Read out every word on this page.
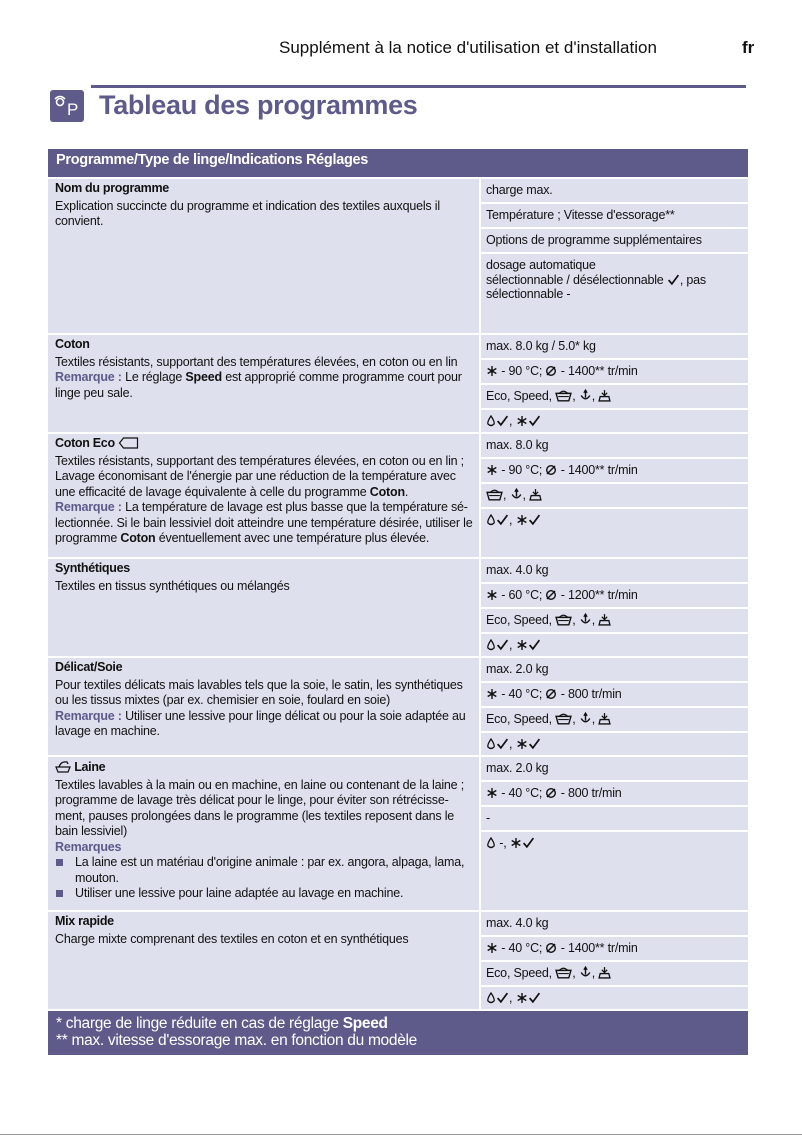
Supplément à la notice d'utilisation et d'installation	fr
P Tableau des programmes
Programme/Type de linge/Indications Réglages
Nom du programme
Explication succincte du programme et indication des textiles auxquels il convient.
charge max.
Température ; Vitesse d'essorage**
Options de programme supplémentaires
dosage automatique
sélectionnable / désélectionnable , pas
sélectionnable -
Coton
Textiles résistants, supportant des températures élevées, en coton ou en lin
Remarque : Le réglage Speed est approprié comme programme court pour linge peu sale.
max. 8.0 kg / 5.0* kg
- 90 °C;  - 1400** tr/min
Eco, Speed, , ,
,
Coton Eco
Textiles résistants, supportant des températures élevées, en coton ou en lin ; Lavage économisant de l'énergie par une réduction de la température avec une efficacité de lavage équivalente à celle du programme Coton.
Remarque : La température de lavage est plus basse que la température sélectionnée. Si le bain lessiviel doit atteindre une température désirée, utiliser le programme Coton éventuellement avec une température plus élevée.
max. 8.0 kg
- 90 °C;  - 1400** tr/min
, ,
,
Synthétiques
Textiles en tissus synthétiques ou mélangés
max. 4.0 kg
- 60 °C;  - 1200** tr/min
Eco, Speed, , ,
,
Délicat/Soie
Pour textiles délicats mais lavables tels que la soie, le satin, les synthétiques ou les tissus mixtes (par ex. chemisier en soie, foulard en soie)
Remarque : Utiliser une lessive pour linge délicat ou pour la soie adaptée au lavage en machine.
max. 2.0 kg
- 40 °C;  - 800 tr/min
Eco, Speed, , ,
,
Laine
Textiles lavables à la main ou en machine, en laine ou contenant de la laine ; programme de lavage très délicat pour le linge, pour éviter son rétrécissement, pauses prolongées dans le programme (les textiles reposent dans le bain lessiviel)
Remarques
La laine est un matériau d'origine animale : par ex. angora, alpaga, lama, mouton.
Utiliser une lessive pour laine adaptée au lavage en machine.
max. 2.0 kg
- 40 °C;  - 800 tr/min
-
-,
Mix rapide
Charge mixte comprenant des textiles en coton et en synthétiques
max. 4.0 kg
- 40 °C;  - 1400** tr/min
Eco, Speed, , ,
,
* charge de linge réduite en cas de réglage Speed
** max. vitesse d'essorage max. en fonction du modèle
